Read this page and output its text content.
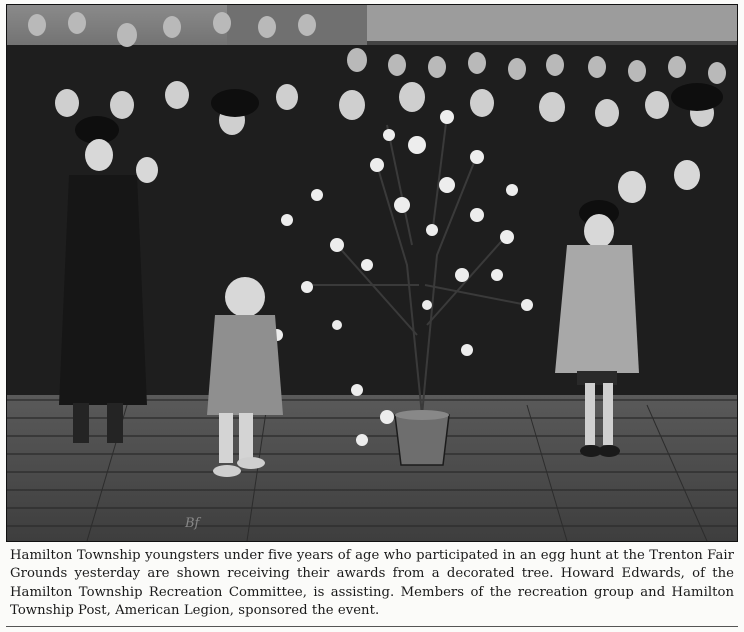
Bf
Hamilton Township youngsters under five years of age who participated in an egg hunt at the Trenton Fair Grounds yesterday are shown receiving their awards from a decorated tree. Howard Edwards, of the Hamilton Township Recreation Committee, is assisting. Members of the recreation group and Hamilton Township Post, American Legion, sponsored the event.
